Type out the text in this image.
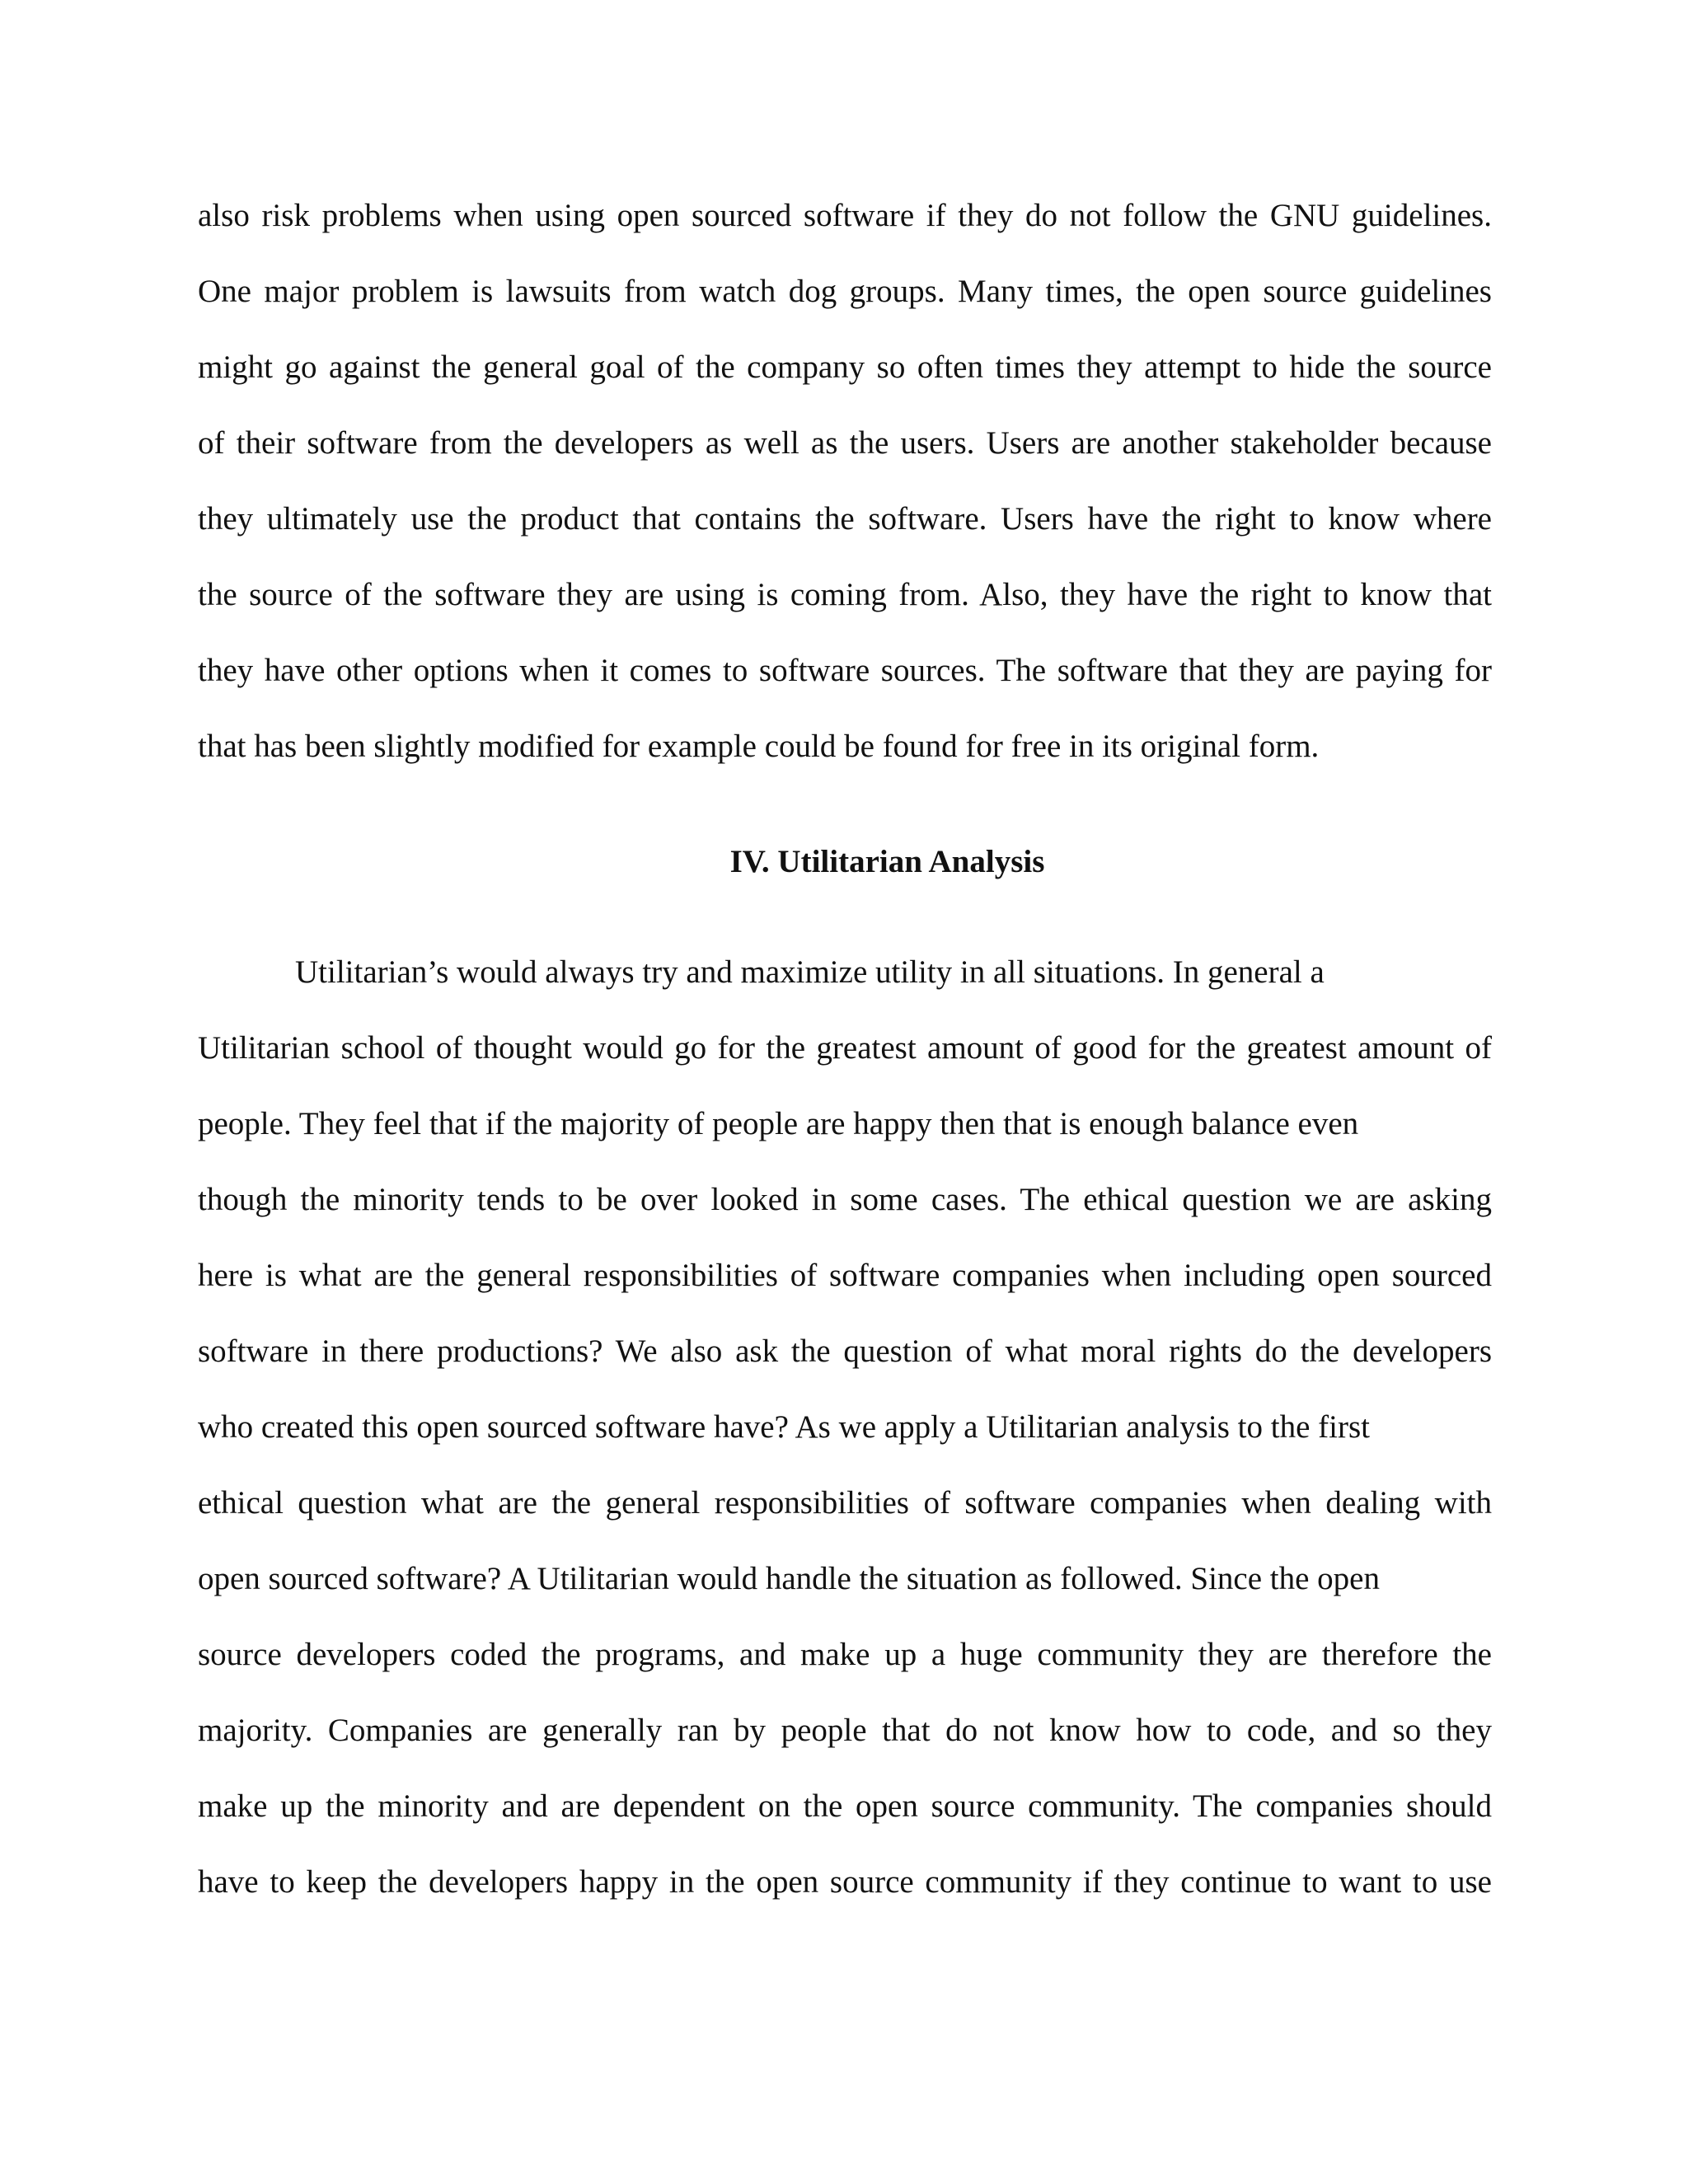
also risk problems when using open sourced software if they do not follow the GNU guidelines.
One major problem is lawsuits from watch dog groups. Many times, the open source guidelines
might go against the general goal of the company so often times they attempt to hide the source
of their software from the developers as well as the users. Users are another stakeholder because
they ultimately use the product that contains the software. Users have the right to know where
the source of the software they are using is coming from. Also, they have the right to know that
they have other options when it comes to software sources. The software that they are paying for
that has been slightly modified for example could be found for free in its original form.
IV. Utilitarian Analysis
Utilitarian’s would always try and maximize utility in all situations. In general a
Utilitarian school of thought would go for the greatest amount of good for the greatest amount of
people. They feel that if the majority of people are happy then that is enough balance even
though the minority tends to be over looked in some cases. The ethical question we are asking
here is what are the general responsibilities of software companies when including open sourced
software in there productions? We also ask the question of what moral rights do the developers
who created this open sourced software have? As we apply a Utilitarian analysis to the first
ethical question what are the general responsibilities of software companies when dealing with
open sourced software? A Utilitarian would handle the situation as followed. Since the open
source developers coded the programs, and make up a huge community they are therefore the
majority. Companies are generally ran by people that do not know how to code, and so they
make up the minority and are dependent on the open source community. The companies should
have to keep the developers happy in the open source community if they continue to want to use
